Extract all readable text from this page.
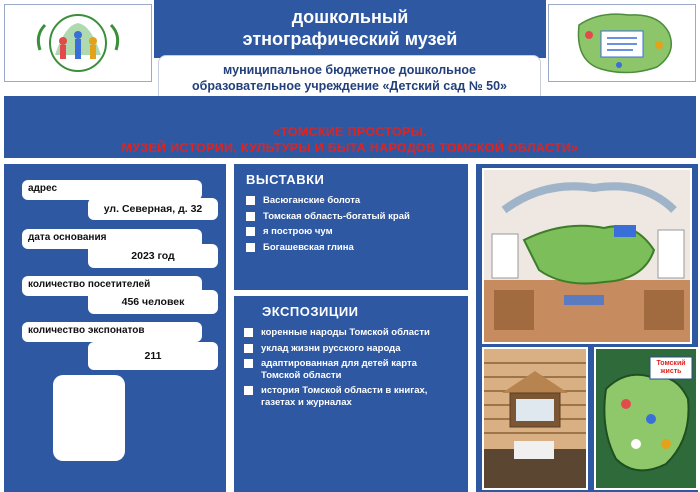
дошкольный
этнографический музей
муниципальное бюджетное дошкольное
образовательное учреждение «Детский сад № 50»
«ТОМСКИЕ ПРОСТОРЫ.
МУЗЕЙ ИСТОРИИ, КУЛЬТУРЫ И БЫТА НАРОДОВ ТОМСКОЙ ОБЛАСТИ»
адрес
ул. Северная, д. 32
дата основания
2023 год
количество посетителей
456 человек
количество экспонатов
211
ВЫСТАВКИ
Васюганские болота
Томская область-богатый край
я построю чум
Богашевская глина
ЭКСПОЗИЦИИ
коренные народы Томской области
уклад жизни русского народа
адаптированная для детей карта Томской области
история Томской области в книгах, газетах и журналах
Томский
жисть
